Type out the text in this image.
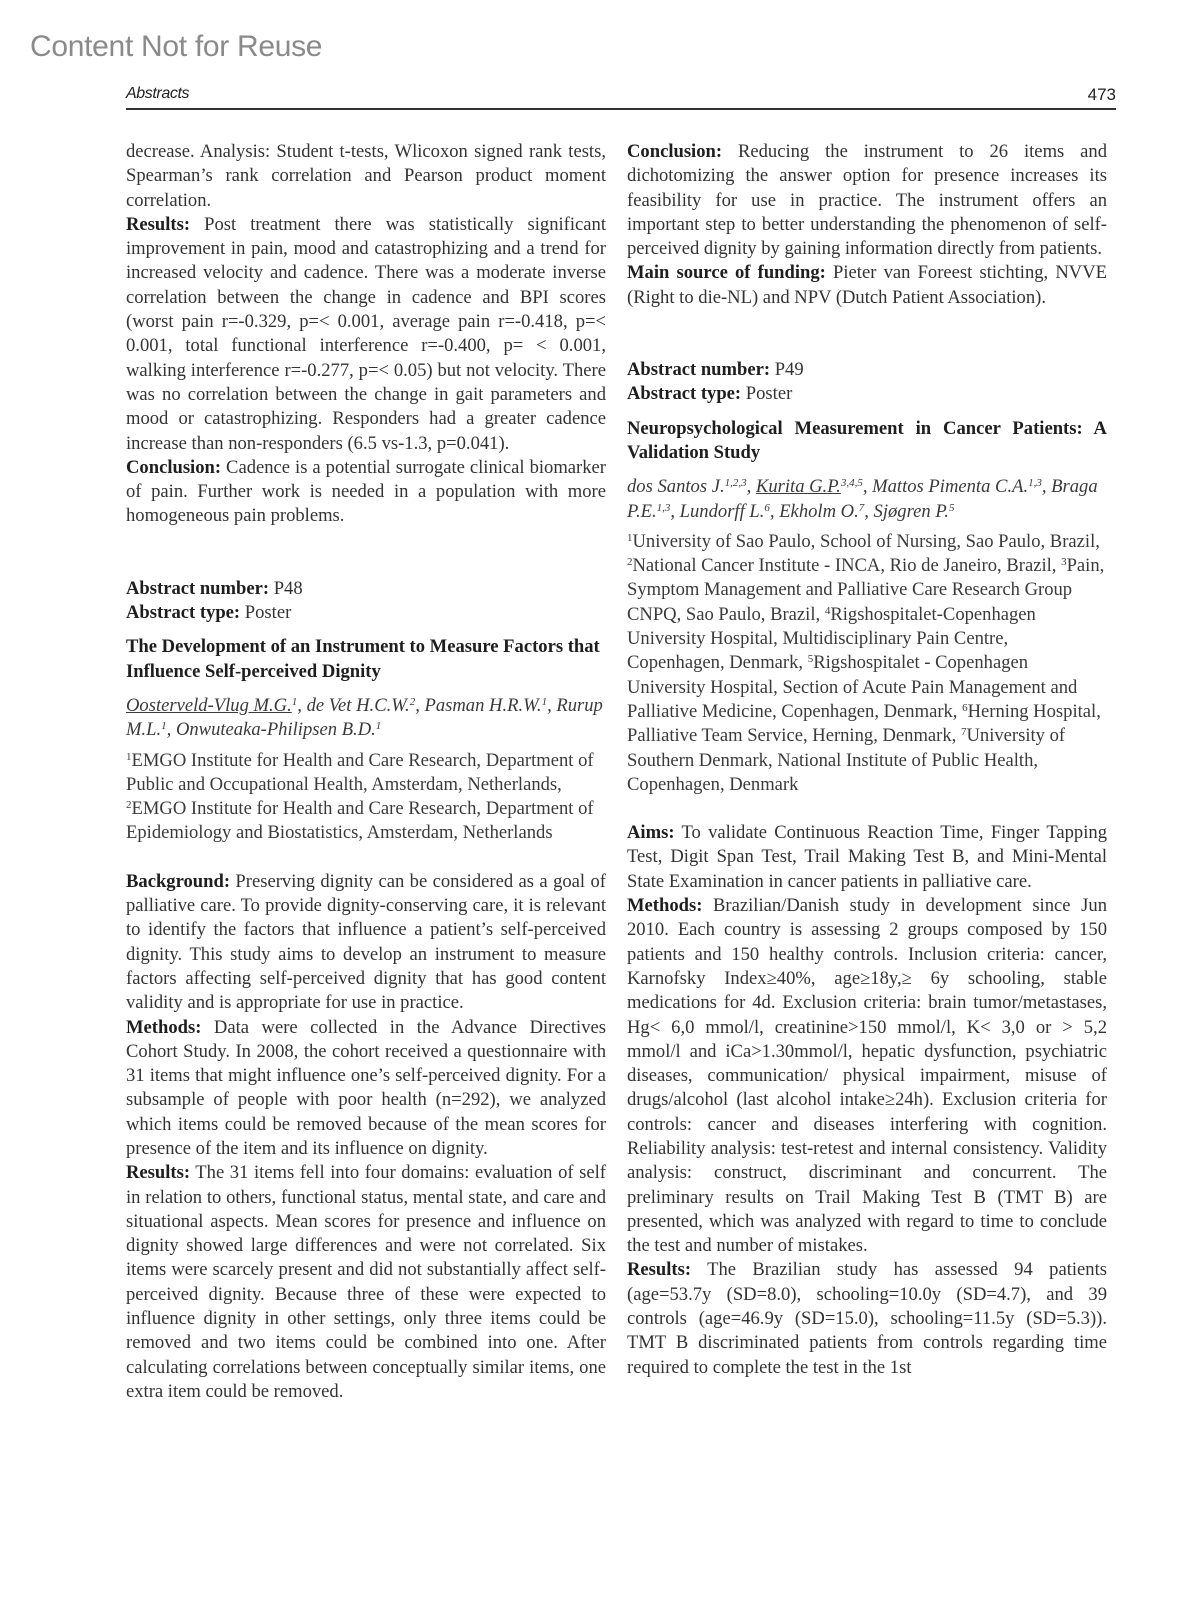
Content Not for Reuse
Abstracts	473

decrease. Analysis: Student t-tests, Wlicoxon signed rank tests, Spearman’s rank correlation and Pearson product moment correlation.

Results: Post treatment there was statistically significant improvement in pain, mood and catastrophizing and a trend for increased velocity and cadence. There was a moderate inverse correlation between the change in cadence and BPI scores (worst pain r=-0.329, p=< 0.001, average pain r=-0.418, p=< 0.001, total functional interference r=-0.400, p= < 0.001, walking interference r=-0.277, p=< 0.05) but not velocity. There was no correlation between the change in gait parameters and mood or catastrophizing. Responders had a greater cadence increase than non-responders (6.5 vs-1.3, p=0.041).

Conclusion: Cadence is a potential surrogate clinical biomarker of pain. Further work is needed in a population with more homogeneous pain problems.

Abstract number: P48

Abstract type: Poster

The Development of an Instrument to Measure Factors that Influence Self-perceived Dignity

Oosterveld-Vlug M.G.$^1$, de Vet H.C.W.$^2$, Pasman H.R.W.$^1$, Rurup M.L.$^1$, Onwuteaka-Philipsen B.D.$^1$

$^1$EMGO Institute for Health and Care Research, Department of Public and Occupational Health, Amsterdam, Netherlands, $^2$EMGO Institute for Health and Care Research, Department of Epidemiology and Biostatistics, Amsterdam, Netherlands

Background: Preserving dignity can be considered as a goal of palliative care. To provide dignity-conserving care, it is relevant to identify the factors that influence a patient’s self-perceived dignity. This study aims to develop an instrument to measure factors affecting self-perceived dignity that has good content validity and is appropriate for use in practice.

Methods: Data were collected in the Advance Directives Cohort Study. In 2008, the cohort received a questionnaire with 31 items that might influence one’s self-perceived dignity. For a subsample of people with poor health (n=292), we analyzed which items could be removed because of the mean scores for presence of the item and its influence on dignity.

Results: The 31 items fell into four domains: evaluation of self in relation to others, functional status, mental state, and care and situational aspects. Mean scores for presence and influence on dignity showed large differences and were not correlated. Six items were scarcely present and did not substantially affect self-perceived dignity. Because three of these were expected to influence dignity in other settings, only three items could be removed and two items could be combined into one. After calculating correlations between conceptually similar items, one extra item could be removed.

Conclusion: Reducing the instrument to 26 items and dichotomizing the answer option for presence increases its feasibility for use in practice. The instrument offers an important step to better understanding the phenomenon of self-perceived dignity by gaining information directly from patients.

Main source of funding: Pieter van Foreest stichting, NVVE (Right to die-NL) and NPV (Dutch Patient Association).

Abstract number: P49

Abstract type: Poster

Neuropsychological Measurement in Cancer Patients: A Validation Study

dos Santos J.$^{1,2,3}$, Kurita G.P.$^{3,4,5}$, Mattos Pimenta C.A.$^{1,3}$, Braga P.E.$^{1,3}$, Lundorff L.$^6$, Ekholm O.$^7$, Sjøgren P.$^5$

$^1$University of Sao Paulo, School of Nursing, Sao Paulo, Brazil, $^2$National Cancer Institute - INCA, Rio de Janeiro, Brazil, $^3$Pain, Symptom Management and Palliative Care Research Group CNPQ, Sao Paulo, Brazil, $^4$Rigshospitalet-Copenhagen University Hospital, Multidisciplinary Pain Centre, Copenhagen, Denmark, $^5$Rigshospitalet - Copenhagen University Hospital, Section of Acute Pain Management and Palliative Medicine, Copenhagen, Denmark, $^6$Herning Hospital, Palliative Team Service, Herning, Denmark, $^7$University of Southern Denmark, National Institute of Public Health, Copenhagen, Denmark

Aims: To validate Continuous Reaction Time, Finger Tapping Test, Digit Span Test, Trail Making Test B, and Mini-Mental State Examination in cancer patients in palliative care.

Methods: Brazilian/Danish study in development since Jun 2010. Each country is assessing 2 groups composed by 150 patients and 150 healthy controls. Inclusion criteria: cancer, Karnofsky Index≥40%, age≥18y,≥ 6y schooling, stable medications for 4d. Exclusion criteria: brain tumor/metastases, Hg< 6,0 mmol/l, creatinine>150 mmol/l, K< 3,0 or > 5,2 mmol/l and iCa>1.30mmol/l, hepatic dysfunction, psychiatric diseases, communication/ physical impairment, misuse of drugs/alcohol (last alcohol intake≥24h). Exclusion criteria for controls: cancer and diseases interfering with cognition. Reliability analysis: test-retest and internal consistency. Validity analysis: construct, discriminant and concurrent. The preliminary results on Trail Making Test B (TMT B) are presented, which was analyzed with regard to time to conclude the test and number of mistakes.

Results: The Brazilian study has assessed 94 patients (age=53.7y (SD=8.0), schooling=10.0y (SD=4.7), and 39 controls (age=46.9y (SD=15.0), schooling=11.5y (SD=5.3)). TMT B discriminated patients from controls regarding time required to complete the test in the 1st
